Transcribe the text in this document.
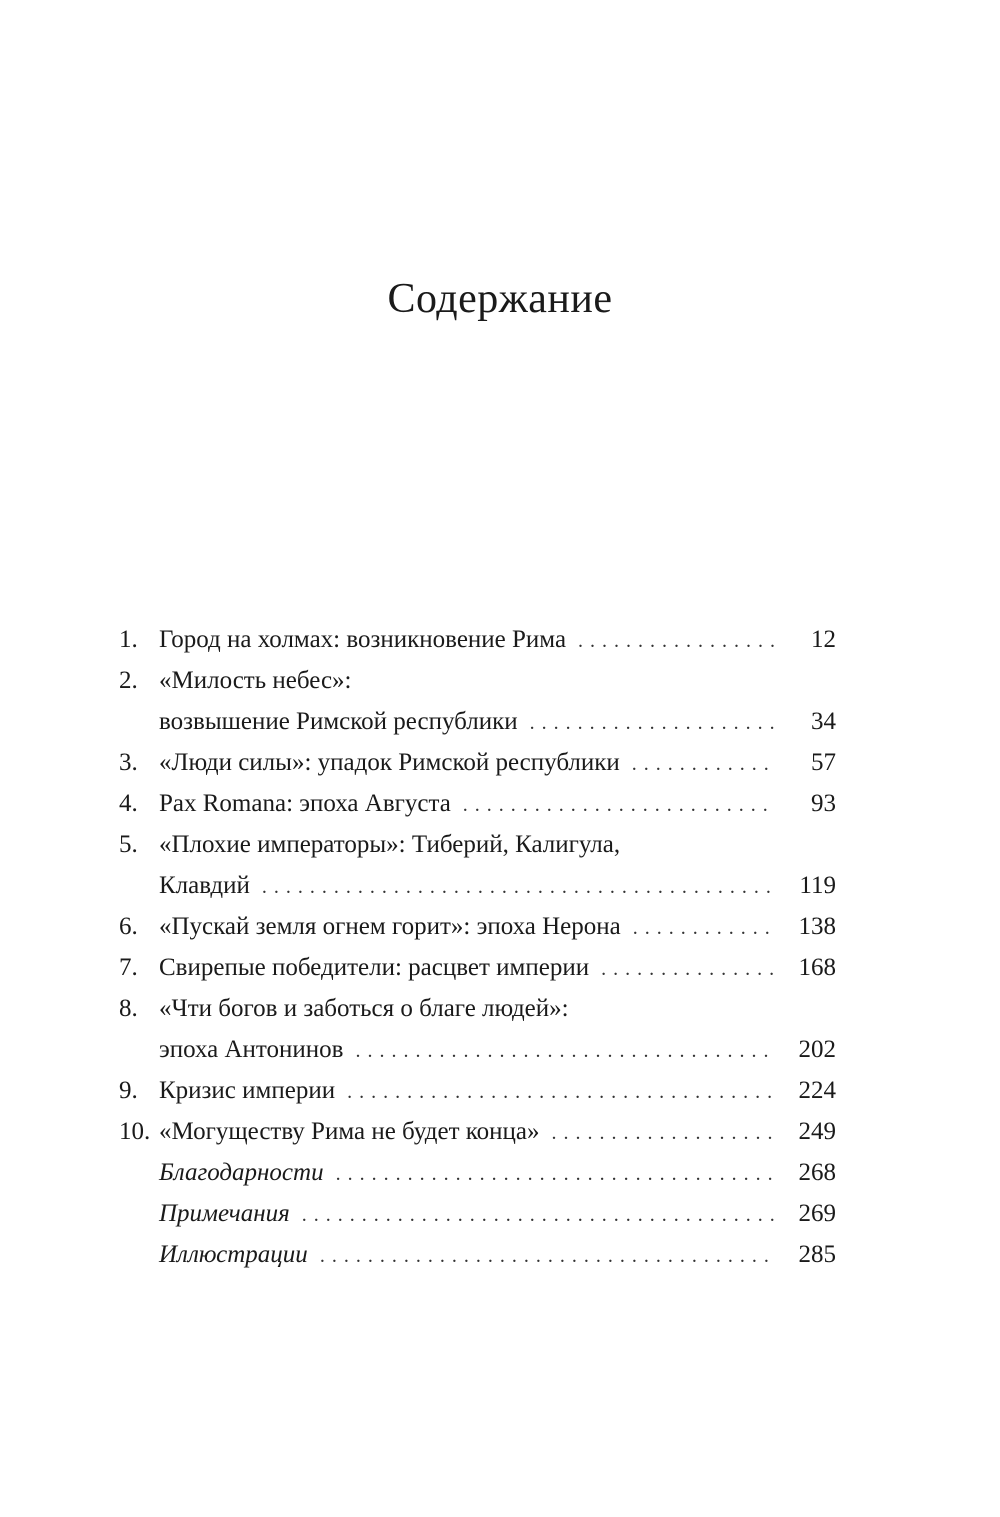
Содержание
1. Город на холмах: возникновение Рима . . .	12
2. «Милость небес»:
возвышение Римской республики . . .	34
3. «Люди силы»: упадок Римской республики . . .	57
4. Pax Romana: эпоха Августа . . .	93
5. «Плохие императоры»: Тиберий, Калигула,
Клавдий . . .	119
6. «Пускай земля огнем горит»: эпоха Нерона . . .	138
7. Свирепые победители: расцвет империи . . .	168
8. «Чти богов и заботься о благе людей»:
эпоха Антонинов . . .	202
9. Кризис империи . . .	224
10. «Могуществу Рима не будет конца» . . .	249
Благодарности . . .	268
Примечания . . .	269
Иллюстрации . . .	285
